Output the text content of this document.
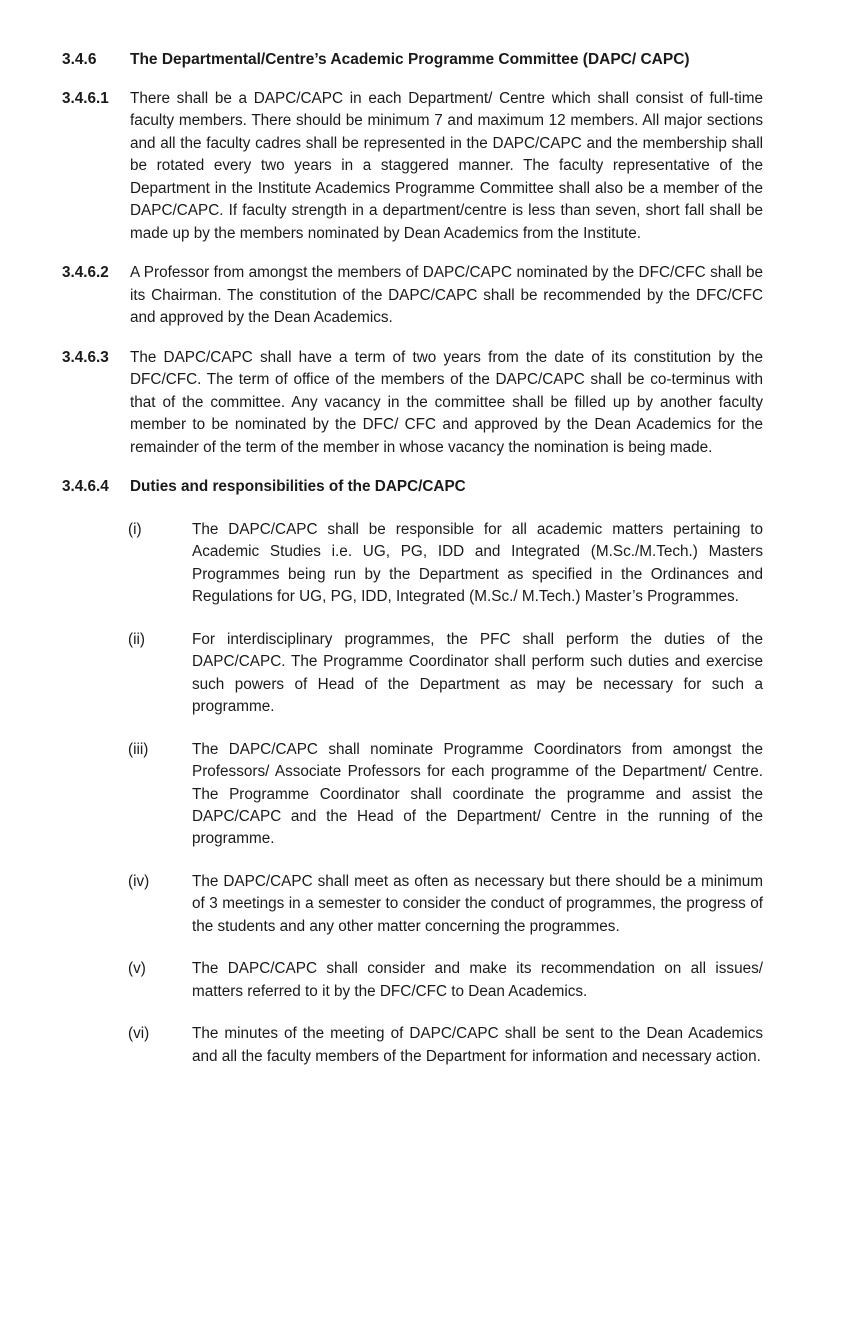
3.4.6	The Departmental/Centre’s Academic Programme Committee (DAPC/ CAPC)
3.4.6.1	There shall be a DAPC/CAPC in each Department/ Centre which shall consist of full-time faculty members. There should be minimum 7 and maximum 12 members. All major sections and all the faculty cadres shall be represented in the DAPC/CAPC and the membership shall be rotated every two years in a staggered manner. The faculty representative of the Department in the Institute Academics Programme Committee shall also be a member of the DAPC/CAPC. If faculty strength in a department/centre is less than seven, short fall shall be made up by the members nominated by Dean Academics from the Institute.
3.4.6.2	A Professor from amongst the members of DAPC/CAPC nominated by the DFC/CFC shall be its Chairman. The constitution of the DAPC/CAPC shall be recommended by the DFC/CFC and approved by the Dean Academics.
3.4.6.3	The DAPC/CAPC shall have a term of two years from the date of its constitution by the DFC/CFC. The term of office of the members of the DAPC/CAPC shall be co-terminus with that of the committee. Any vacancy in the committee shall be filled up by another faculty member to be nominated by the DFC/ CFC and approved by the Dean Academics for the remainder of the term of the member in whose vacancy the nomination is being made.
3.4.6.4	Duties and responsibilities of the DAPC/CAPC
(i)	The DAPC/CAPC shall be responsible for all academic matters pertaining to Academic Studies i.e. UG, PG, IDD and Integrated (M.Sc./M.Tech.) Masters Programmes being run by the Department as specified in the Ordinances and Regulations for UG, PG, IDD, Integrated (M.Sc./ M.Tech.) Master’s Programmes.
(ii)	For interdisciplinary programmes, the PFC shall perform the duties of the DAPC/CAPC. The Programme Coordinator shall perform such duties and exercise such powers of Head of the Department as may be necessary for such a programme.
(iii)	The DAPC/CAPC shall nominate Programme Coordinators from amongst the Professors/ Associate Professors for each programme of the Department/ Centre. The Programme Coordinator shall coordinate the programme and assist the DAPC/CAPC and the Head of the Department/ Centre in the running of the programme.
(iv)	The DAPC/CAPC shall meet as often as necessary but there should be a minimum of 3 meetings in a semester to consider the conduct of programmes, the progress of the students and any other matter concerning the programmes.
(v)	The DAPC/CAPC shall consider and make its recommendation on all issues/ matters referred to it by the DFC/CFC to Dean Academics.
(vi)	The minutes of the meeting of DAPC/CAPC shall be sent to the Dean Academics and all the faculty members of the Department for information and necessary action.
